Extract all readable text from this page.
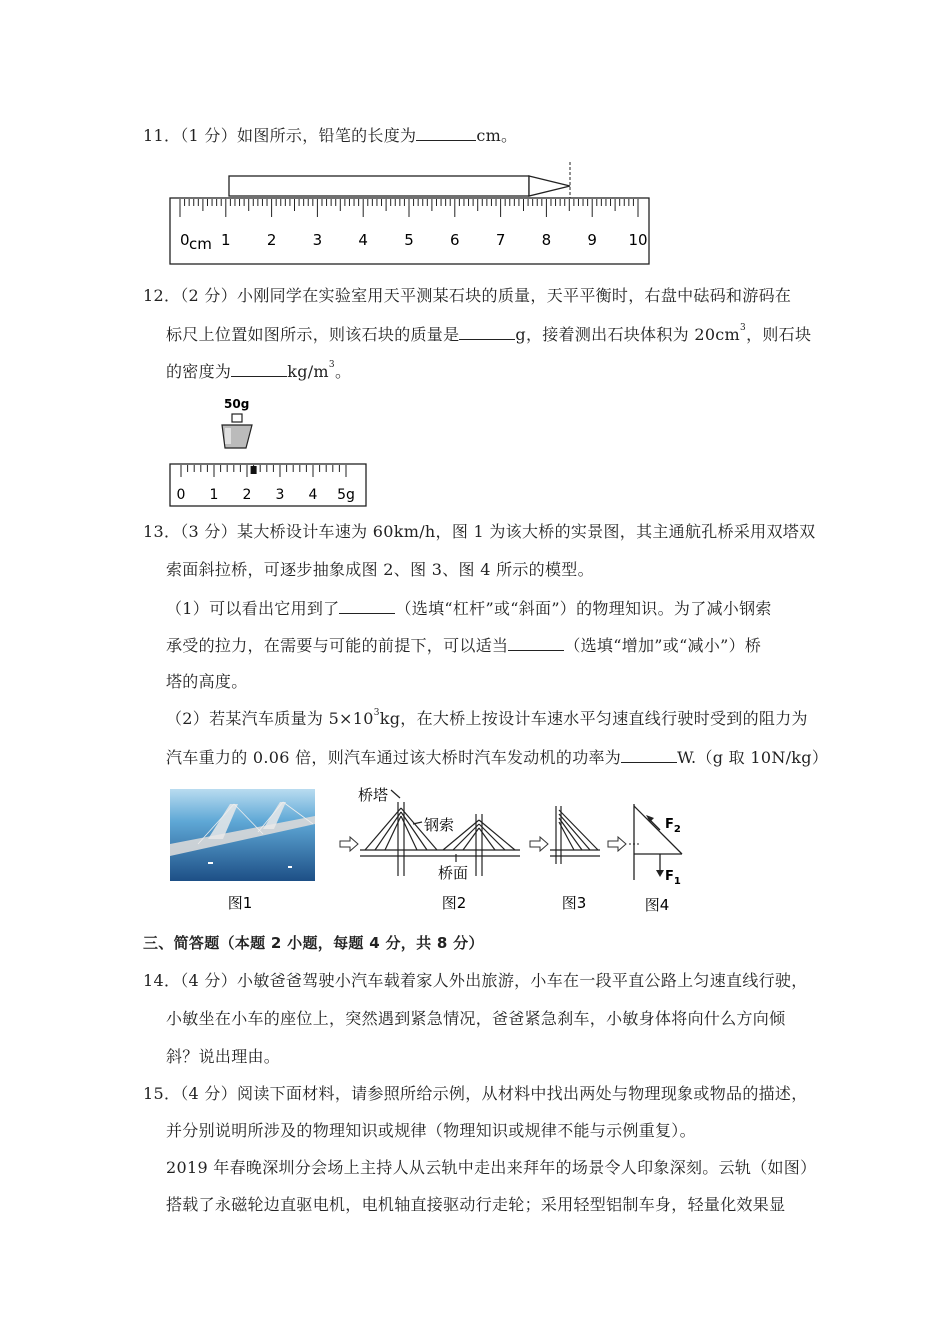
11．（1 分）如图所示，铅笔的长度为	cm。
0 cm 1 2 3 4 5 6 7 8 9 10
12．（2 分）小刚同学在实验室用天平测某石块的质量，天平平衡时，右盘中砝码和游码在
标尺上位置如图所示，则该石块的质量是	g，接着测出石块体积为 $20cm^3$，则石块
的密度为	$kg/m^3$。
50g
0 1 2 3 4 5g
13．（3 分）某大桥设计车速为 60km/h，图 1 为该大桥的实景图，其主通航孔桥采用双塔双
索面斜拉桥，可逐步抽象成图 2、图 3、图 4 所示的模型。
（1）可以看出它用到了	（选填“杠杆”或“斜面”）的物理知识。为了减小钢索
承受的拉力，在需要与可能的前提下，可以适当	（选填“增加”或“减小”）桥
塔的高度。
（2）若某汽车质量为 $5\times 10^3kg$，在大桥上按设计车速水平匀速直线行驶时受到的阻力为
汽车重力的 0.06 倍，则汽车通过该大桥时汽车发动机的功率为	W.（g 取 10N/kg）
图1
桥塔
钢索
桥面
图2	图3
$F_2$
$F_1$
图4
三、简答题（本题 2 小题，每题 4 分，共 8 分）
14．（4 分）小敏爸爸驾驶小汽车载着家人外出旅游，小车在一段平直公路上匀速直线行驶，
小敏坐在小车的座位上，突然遇到紧急情况，爸爸紧急刹车，小敏身体将向什么方向倾
斜？说出理由。
15．（4 分）阅读下面材料，请参照所给示例，从材料中找出两处与物理现象或物品的描述，
并分别说明所涉及的物理知识或规律（物理知识或规律不能与示例重复）。
2019 年春晚深圳分会场上主持人从云轨中走出来拜年的场景令人印象深刻。云轨（如图）
搭载了永磁轮边直驱电机，电机轴直接驱动行走轮；采用轻型铝制车身，轻量化效果显
